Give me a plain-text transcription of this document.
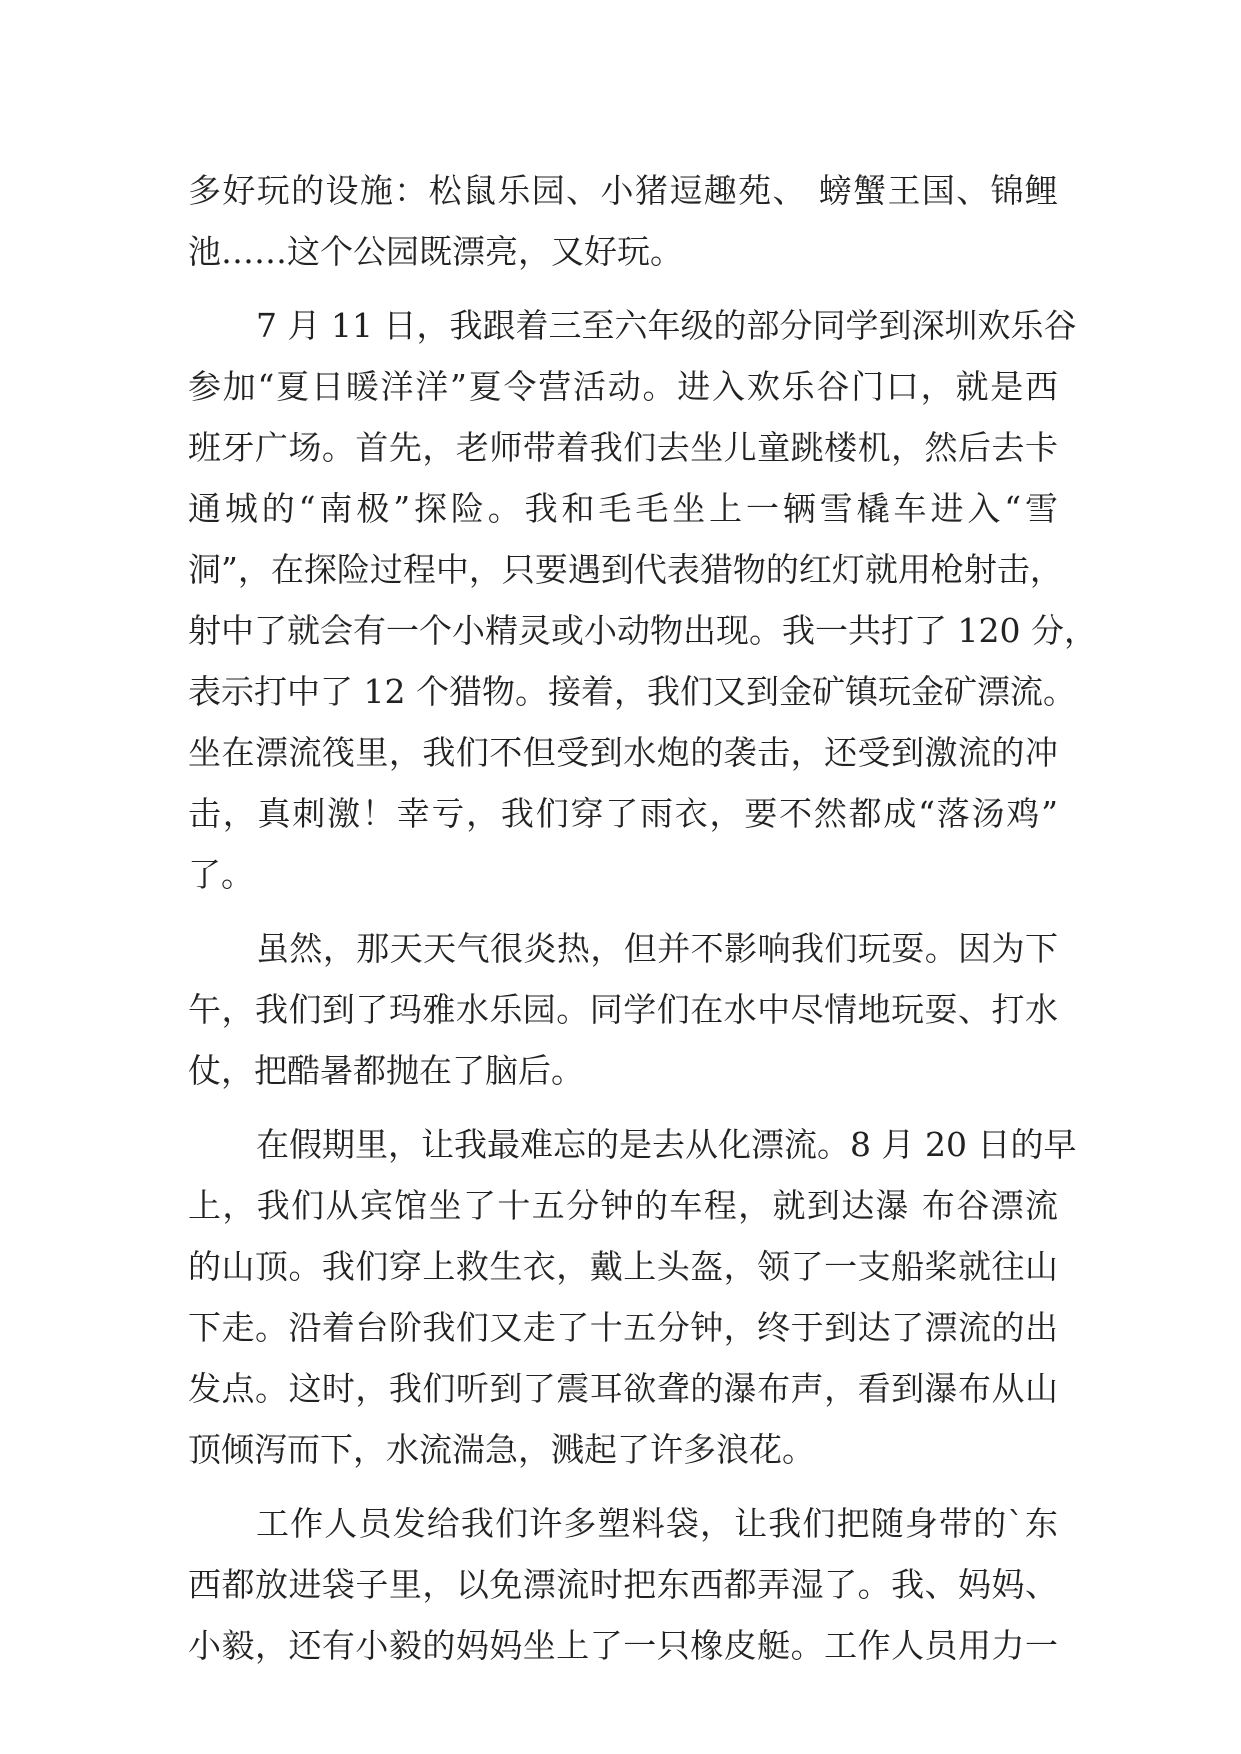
多好玩的设施：松鼠乐园、小猪逗趣苑、 螃蟹王国、锦鲤
池……这个公园既漂亮，又好玩。
7 月 11 日，我跟着三至六年级的部分同学到深圳欢乐谷
参加“夏日暖洋洋”夏令营活动。进入欢乐谷门口，就是西
班牙广场。首先，老师带着我们去坐儿童跳楼机，然后去卡
通城的“南极”探险。我和毛毛坐上一辆雪橇车进入“雪
洞”，在探险过程中，只要遇到代表猎物的红灯就用枪射击，
射中了就会有一个小精灵或小动物出现。我一共打了 120 分，
表示打中了 12 个猎物。接着，我们又到金矿镇玩金矿漂流。
坐在漂流筏里，我们不但受到水炮的袭击，还受到激流的冲
击，真刺激！幸亏，我们穿了雨衣，要不然都成“落汤鸡”
了。
虽然，那天天气很炎热，但并不影响我们玩耍。因为下
午，我们到了玛雅水乐园。同学们在水中尽情地玩耍、打水
仗，把酷暑都抛在了脑后。
在假期里，让我最难忘的是去从化漂流。8 月 20 日的早
上，我们从宾馆坐了十五分钟的车程，就到达瀑 布谷漂流
的山顶。我们穿上救生衣，戴上头盔，领了一支船桨就往山
下走。沿着台阶我们又走了十五分钟，终于到达了漂流的出
发点。这时，我们听到了震耳欲聋的瀑布声，看到瀑布从山
顶倾泻而下，水流湍急，溅起了许多浪花。
工作人员发给我们许多塑料袋，让我们把随身带的`东
西都放进袋子里，以免漂流时把东西都弄湿了。我、妈妈、
小毅，还有小毅的妈妈坐上了一只橡皮艇。工作人员用力一
